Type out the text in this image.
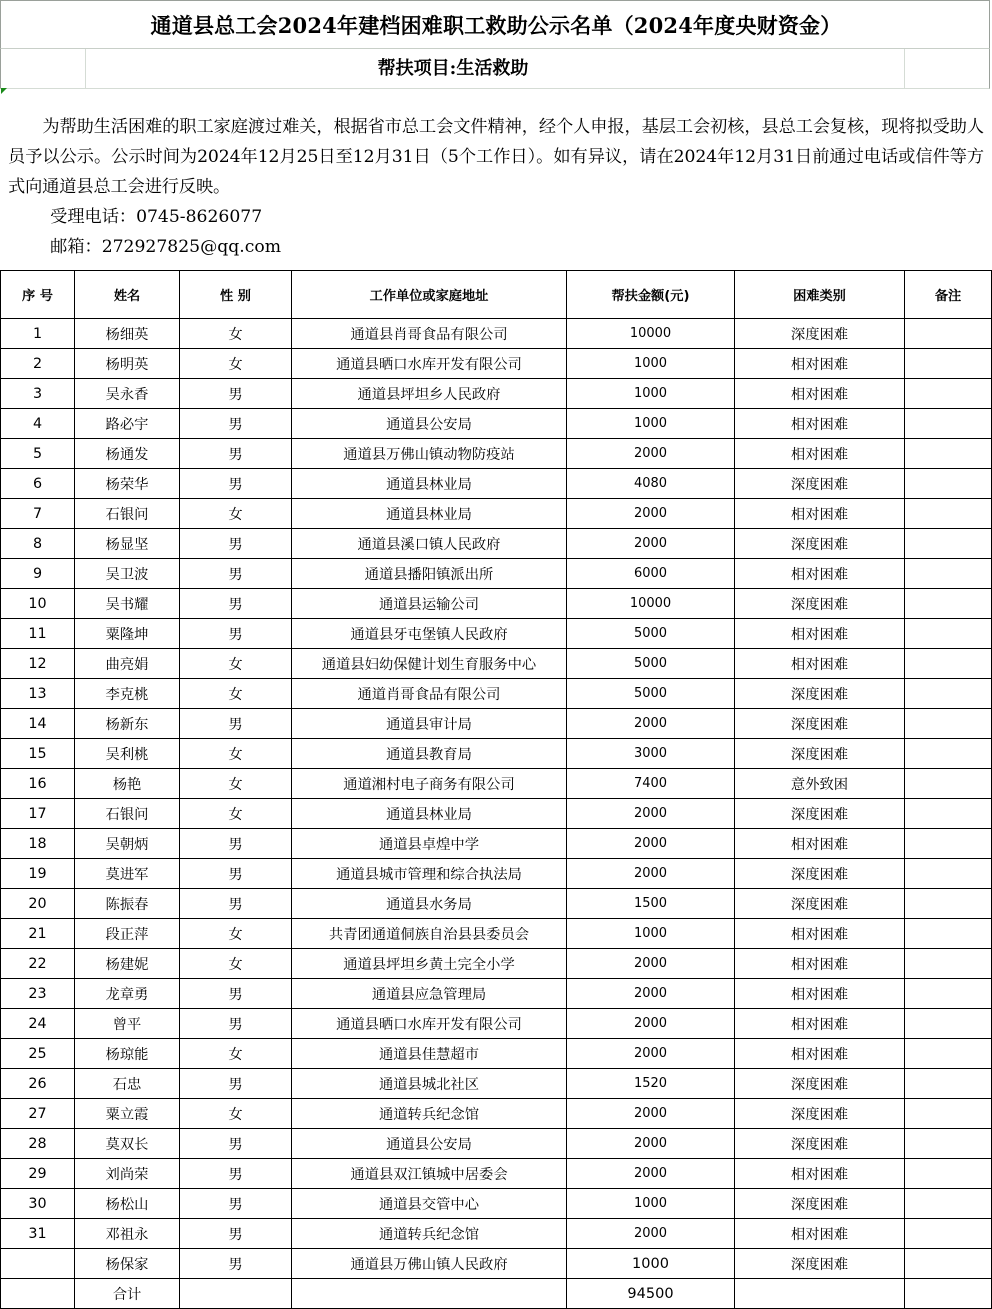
通道县总工会2024年建档困难职工救助公示名单（2024年度央财资金）
帮扶项目:生活救助

为帮助生活困难的职工家庭渡过难关，根据省市总工会文件精神，经个人申报，基层工会初核，县总工会复核，现将拟受助人员予以公示。公示时间为2024年12月25日至12月31日（5个工作日）。如有异议，请在2024年12月31日前通过电话或信件等方式向通道县总工会进行反映。

受理电话：0745-8626077

邮箱：272927825@qq.com

序 号	姓名	性 别	工作单位或家庭地址	帮扶金额(元)	困难类别	备注
1	杨细英	女	通道县肖哥食品有限公司	10000	深度困难	
2	杨明英	女	通道县晒口水库开发有限公司	1000	相对困难	
3	吴永香	男	通道县坪坦乡人民政府	1000	相对困难	
4	路必宇	男	通道县公安局	1000	相对困难	
5	杨通发	男	通道县万佛山镇动物防疫站	2000	相对困难	
6	杨荣华	男	通道县林业局	4080	深度困难	
7	石银问	女	通道县林业局	2000	相对困难	
8	杨显坚	男	通道县溪口镇人民政府	2000	深度困难	
9	吴卫波	男	通道县播阳镇派出所	6000	相对困难	
10	吴书耀	男	通道县运输公司	10000	深度困难	
11	粟隆坤	男	通道县牙屯堡镇人民政府	5000	相对困难	
12	曲亮娟	女	通道县妇幼保健计划生育服务中心	5000	相对困难	
13	李克桃	女	通道肖哥食品有限公司	5000	深度困难	
14	杨新东	男	通道县审计局	2000	深度困难	
15	吴利桃	女	通道县教育局	3000	深度困难	
16	杨艳	女	通道湘村电子商务有限公司	7400	意外致困	
17	石银问	女	通道县林业局	2000	深度困难	
18	吴朝炳	男	通道县卓煌中学	2000	相对困难	
19	莫进军	男	通道县城市管理和综合执法局	2000	深度困难	
20	陈振春	男	通道县水务局	1500	深度困难	
21	段正萍	女	共青团通道侗族自治县县委员会	1000	相对困难	
22	杨建妮	女	通道县坪坦乡黄土完全小学	2000	相对困难	
23	龙章勇	男	通道县应急管理局	2000	相对困难	
24	曾平	男	通道县晒口水库开发有限公司	2000	相对困难	
25	杨琼能	女	通道县佳慧超市	2000	相对困难	
26	石忠	男	通道县城北社区	1520	深度困难	
27	粟立霞	女	通道转兵纪念馆	2000	深度困难	
28	莫双长	男	通道县公安局	2000	深度困难	
29	刘尚荣	男	通道县双江镇城中居委会	2000	相对困难	
30	杨松山	男	通道县交管中心	1000	深度困难	
31	邓祖永	男	通道转兵纪念馆	2000	相对困难	
	杨保家	男	通道县万佛山镇人民政府	1000	深度困难	
	合计			94500		
